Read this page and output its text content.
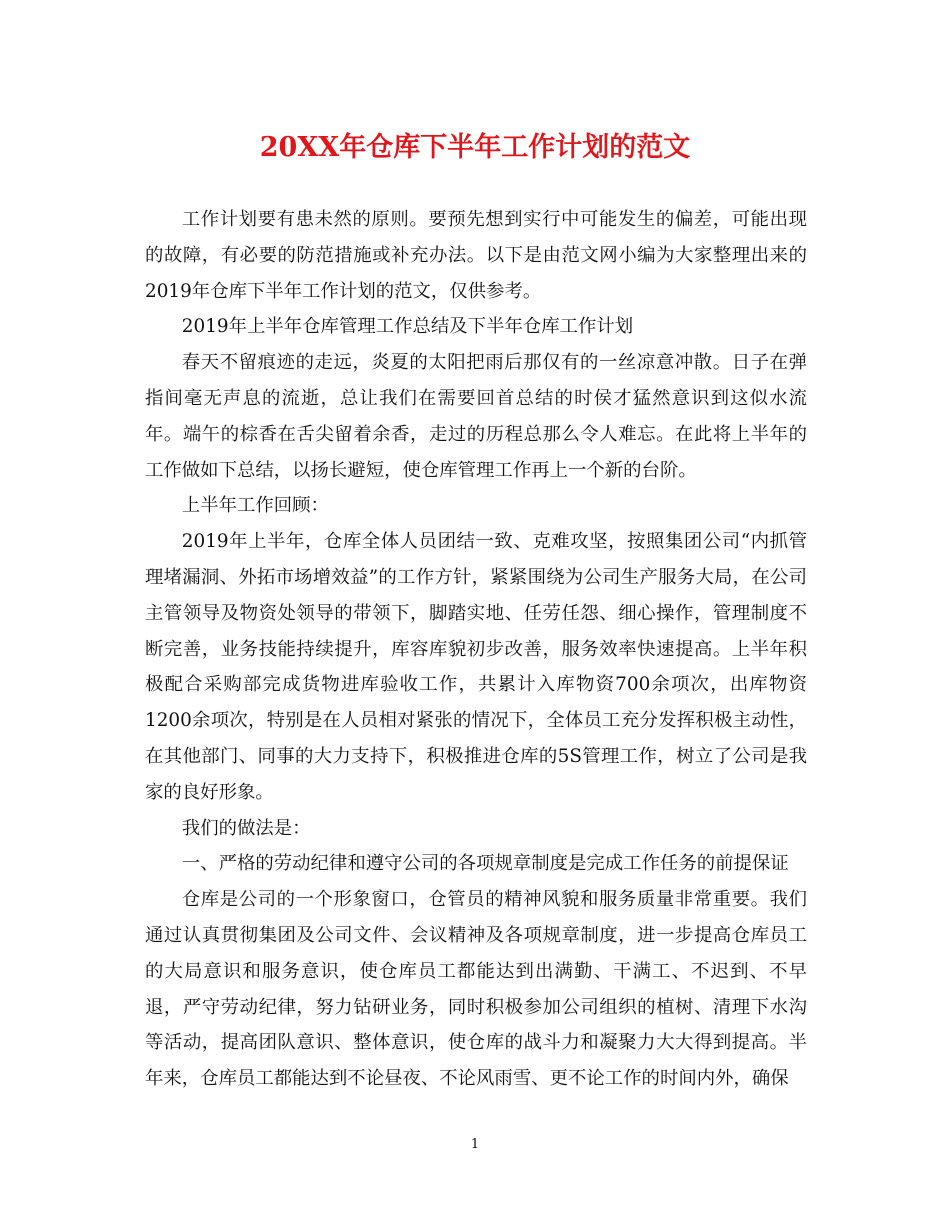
20XX年仓库下半年工作计划的范文

工作计划要有患未然的原则。要预先想到实行中可能发生的偏差，可能出现的故障，有必要的防范措施或补充办法。以下是由范文网小编为大家整理出来的2019年仓库下半年工作计划的范文，仅供参考。

2019年上半年仓库管理工作总结及下半年仓库工作计划

春天不留痕迹的走远，炎夏的太阳把雨后那仅有的一丝凉意冲散。日子在弹指间毫无声息的流逝，总让我们在需要回首总结的时侯才猛然意识到这似水流年。端午的棕香在舌尖留着余香，走过的历程总那么令人难忘。在此将上半年的工作做如下总结，以扬长避短，使仓库管理工作再上一个新的台阶。

上半年工作回顾：

2019年上半年，仓库全体人员团结一致、克难攻坚，按照集团公司“内抓管理堵漏洞、外拓市场增效益”的工作方针，紧紧围绕为公司生产服务大局，在公司主管领导及物资处领导的带领下，脚踏实地、任劳任怨、细心操作，管理制度不断完善，业务技能持续提升，库容库貌初步改善，服务效率快速提高。上半年积极配合采购部完成货物进库验收工作，共累计入库物资700余项次，出库物资1200余项次，特别是在人员相对紧张的情况下，全体员工充分发挥积极主动性，在其他部门、同事的大力支持下，积极推进仓库的5S管理工作，树立了公司是我家的良好形象。

我们的做法是：

一、严格的劳动纪律和遵守公司的各项规章制度是完成工作任务的前提保证

仓库是公司的一个形象窗口，仓管员的精神风貌和服务质量非常重要。我们通过认真贯彻集团及公司文件、会议精神及各项规章制度，进一步提高仓库员工的大局意识和服务意识，使仓库员工都能达到出满勤、干满工、不迟到、不早退，严守劳动纪律，努力钻研业务，同时积极参加公司组织的植树、清理下水沟等活动，提高团队意识、整体意识，使仓库的战斗力和凝聚力大大得到提高。半年来，仓库员工都能达到不论昼夜、不论风雨雪、更不论工作的时间内外，确保

1
